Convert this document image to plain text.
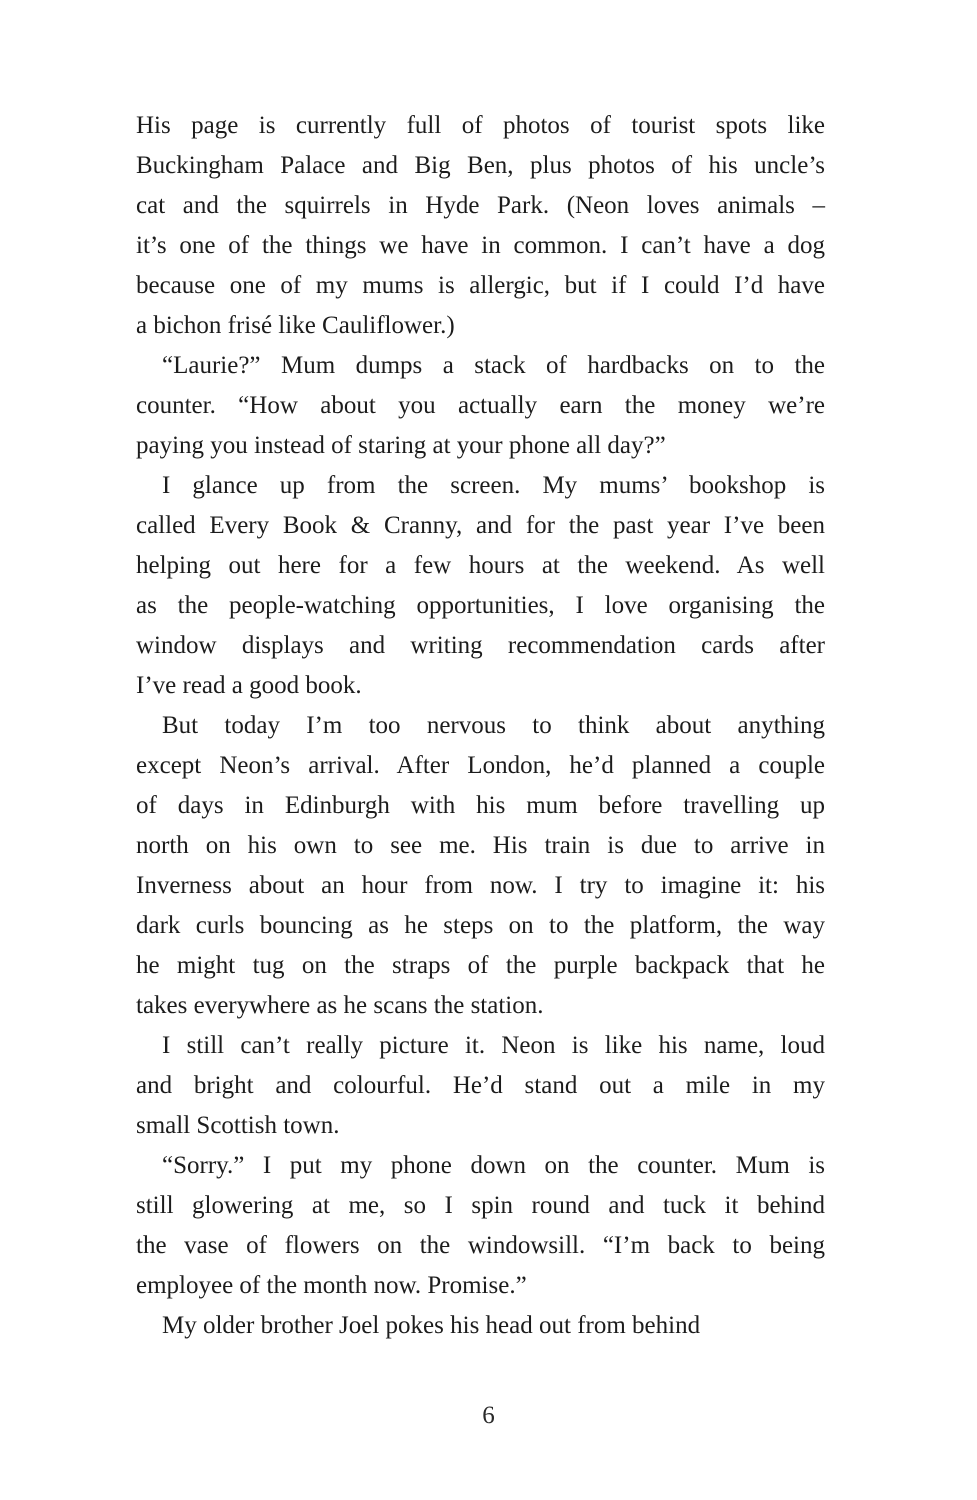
His page is currently full of photos of tourist spots like
Buckingham Palace and Big Ben, plus photos of his uncle’s
cat and the squirrels in Hyde Park. (Neon loves animals –
it’s one of the things we have in common. I can’t have a dog
because one of my mums is allergic, but if I could I’d have
a bichon frisé like Cauliflower.)

“Laurie?” Mum dumps a stack of hardbacks on to the
counter. “How about you actually earn the money we’re
paying you instead of staring at your phone all day?”

I glance up from the screen. My mums’ bookshop is
called Every Book & Cranny, and for the past year I’ve been
helping out here for a few hours at the weekend. As well
as the people-watching opportunities, I love organising the
window displays and writing recommendation cards after
I’ve read a good book.

But today I’m too nervous to think about anything
except Neon’s arrival. After London, he’d planned a couple
of days in Edinburgh with his mum before travelling up
north on his own to see me. His train is due to arrive in
Inverness about an hour from now. I try to imagine it: his
dark curls bouncing as he steps on to the platform, the way
he might tug on the straps of the purple backpack that he
takes everywhere as he scans the station.

I still can’t really picture it. Neon is like his name, loud
and bright and colourful. He’d stand out a mile in my
small Scottish town.

“Sorry.” I put my phone down on the counter. Mum is
still glowering at me, so I spin round and tuck it behind
the vase of flowers on the windowsill. “I’m back to being
employee of the month now. Promise.”

My older brother Joel pokes his head out from behind

6
